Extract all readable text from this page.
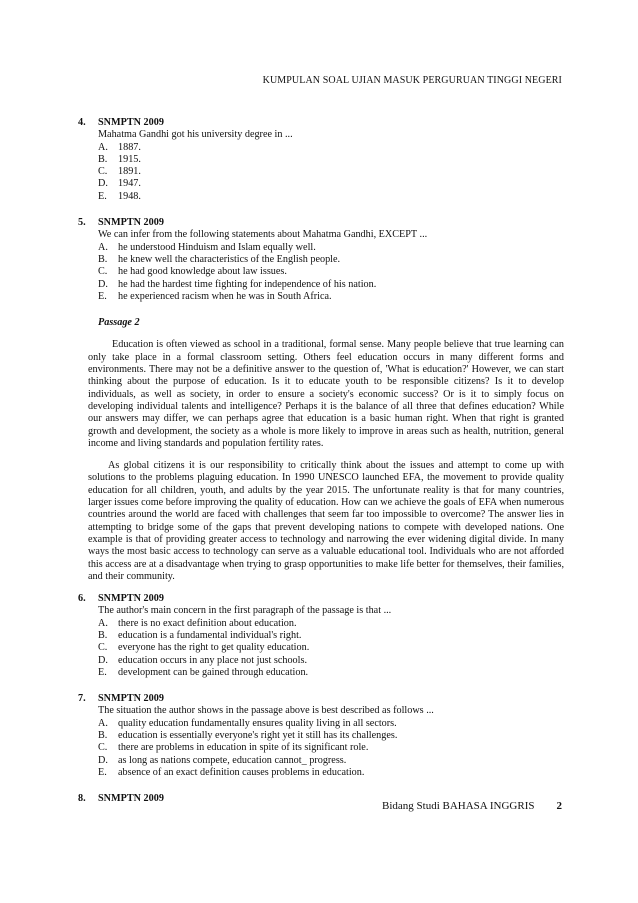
KUMPULAN SOAL UJIAN MASUK PERGURUAN TINGGI NEGERI
4.	SNMPTN 2009
Mahatma Gandhi got his university degree in ...
A. 1887.
B.	1915.
C.	1891.
D. 1947.
E.	1948.
5.	SNMPTN 2009
We can infer from the following statements about Mahatma Gandhi, EXCEPT ...
A. he understood Hinduism and Islam equally well.
B.	he knew well the characteristics of the English people.
C.	he had good knowledge about law issues.
D. he had the hardest time fighting for independence of his nation.
E.	he experienced racism when he was in South Africa.
Passage 2
Education is often viewed as school in a traditional, formal sense. Many people believe that true learning can only take place in a formal classroom setting. Others feel education occurs in many different forms and environments. There may not be a definitive answer to the question of, 'What is education?' However, we can start thinking about the purpose of education. Is it to educate youth to be responsible citizens? Is it to develop individuals, as well as society, in order to ensure a society's economic success? Or is it to simply focus on developing individual talents and intelligence? Perhaps it is the balance of all three that defines education? While our answers may differ, we can perhaps agree that education is a basic human right. When that right is granted growth and development, the society as a whole is more likely to improve in areas such as health, nutrition, general income and living standards and population fertility rates.
As global citizens it is our responsibility to critically think about the issues and attempt to come up with solutions to the problems plaguing education. In 1990 UNESCO launched EFA, the movement to provide quality education for all children, youth, and adults by the year 2015. The unfortunate reality is that for many countries, larger issues come before improving the quality of education. How can we achieve the goals of EFA when numerous countries around the world are faced with challenges that seem far too impossible to overcome? The answer lies in attempting to bridge some of the gaps that prevent developing nations to compete with developed nations. One example is that of providing greater access to technology and narrowing the ever widening digital divide. In many ways the most basic access to technology can serve as a valuable educational tool. Individuals who are not afforded this access are at a disadvantage when trying to grasp opportunities to make life better for themselves, their families, and their community.
6.	SNMPTN 2009
The author's main concern in the first paragraph of the passage is that ...
A. there is no exact definition about education.
B.	education is a fundamental individual's right.
C.	everyone has the right to get quality education.
D. education occurs in any place not just schools.
E.	development can be gained through education.
7.	SNMPTN 2009
The situation the author shows in the passage above is best described as follows ...
A. quality education fundamentally ensures quality living in all sectors.
B.	education is essentially everyone's right yet it still has its challenges.
C.	there are problems in education in spite of its significant role.
D. as long as nations compete, education cannot_ progress.
E.	absence of an exact definition causes problems in education.
8.	SNMPTN 2009
Bidang Studi BAHASA INGGRIS 2
